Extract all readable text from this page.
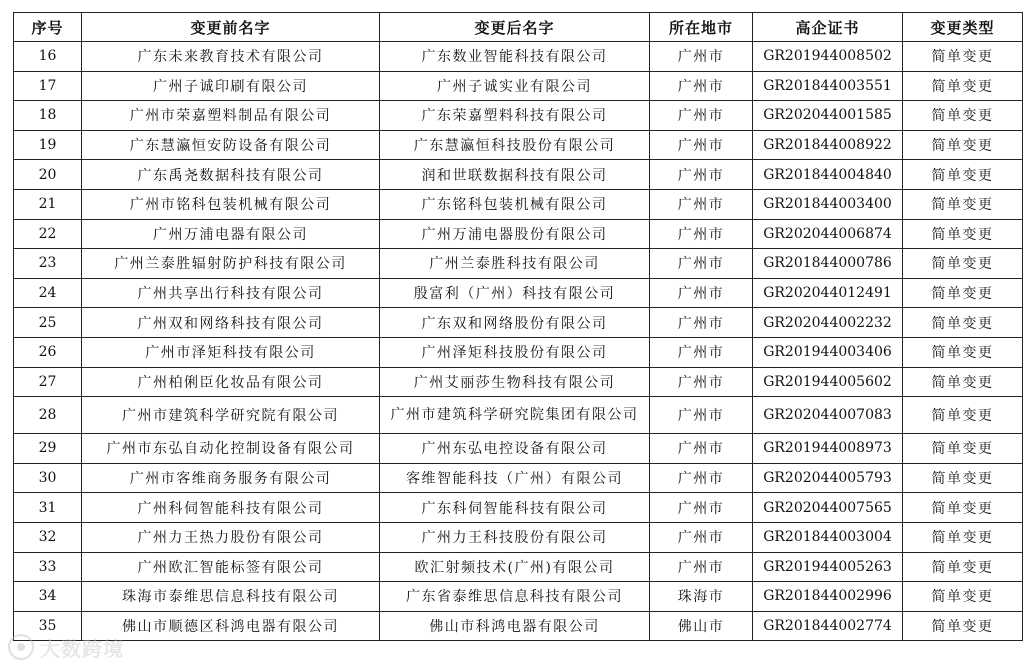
序号	变更前名字	变更后名字	所在地市	高企证书	变更类型
16	广东未来教育技术有限公司	广东数业智能科技有限公司	广州市	GR201944008502	简单变更
17	广州子诚印刷有限公司	广州子诚实业有限公司	广州市	GR201844003551	简单变更
18	广州市荣嘉塑料制品有限公司	广东荣嘉塑料科技有限公司	广州市	GR202044001585	简单变更
19	广东慧瀛恒安防设备有限公司	广东慧瀛恒科技股份有限公司	广州市	GR201844008922	简单变更
20	广东禹尧数据科技有限公司	润和世联数据科技有限公司	广州市	GR201844004840	简单变更
21	广州市铭科包装机械有限公司	广东铭科包装机械有限公司	广州市	GR201844003400	简单变更
22	广州万浦电器有限公司	广州万浦电器股份有限公司	广州市	GR202044006874	简单变更
23	广州兰泰胜辐射防护科技有限公司	广州兰泰胜科技有限公司	广州市	GR201844000786	简单变更
24	广州共享出行科技有限公司	殷富利（广州）科技有限公司	广州市	GR202044012491	简单变更
25	广州双和网络科技有限公司	广东双和网络股份有限公司	广州市	GR202044002232	简单变更
26	广州市泽矩科技有限公司	广州泽矩科技股份有限公司	广州市	GR201944003406	简单变更
27	广州柏俐臣化妆品有限公司	广州艾丽莎生物科技有限公司	广州市	GR201944005602	简单变更
28	广州市建筑科学研究院有限公司	广州市建筑科学研究院集团有限公司	广州市	GR202044007083	简单变更
29	广州市东弘自动化控制设备有限公司	广州东弘电控设备有限公司	广州市	GR201944008973	简单变更
30	广州市客维商务服务有限公司	客维智能科技（广州）有限公司	广州市	GR202044005793	简单变更
31	广州科伺智能科技有限公司	广东科伺智能科技有限公司	广州市	GR202044007565	简单变更
32	广州力王热力股份有限公司	广州力王科技股份有限公司	广州市	GR201844003004	简单变更
33	广州欧汇智能标签有限公司	欧汇射频技术(广州)有限公司	广州市	GR201944005263	简单变更
34	珠海市泰维思信息科技有限公司	广东省泰维思信息科技有限公司	珠海市	GR201844002996	简单变更
35	佛山市顺德区科鸿电器有限公司	佛山市科鸿电器有限公司	佛山市	GR201844002774	简单变更
大数跨境
